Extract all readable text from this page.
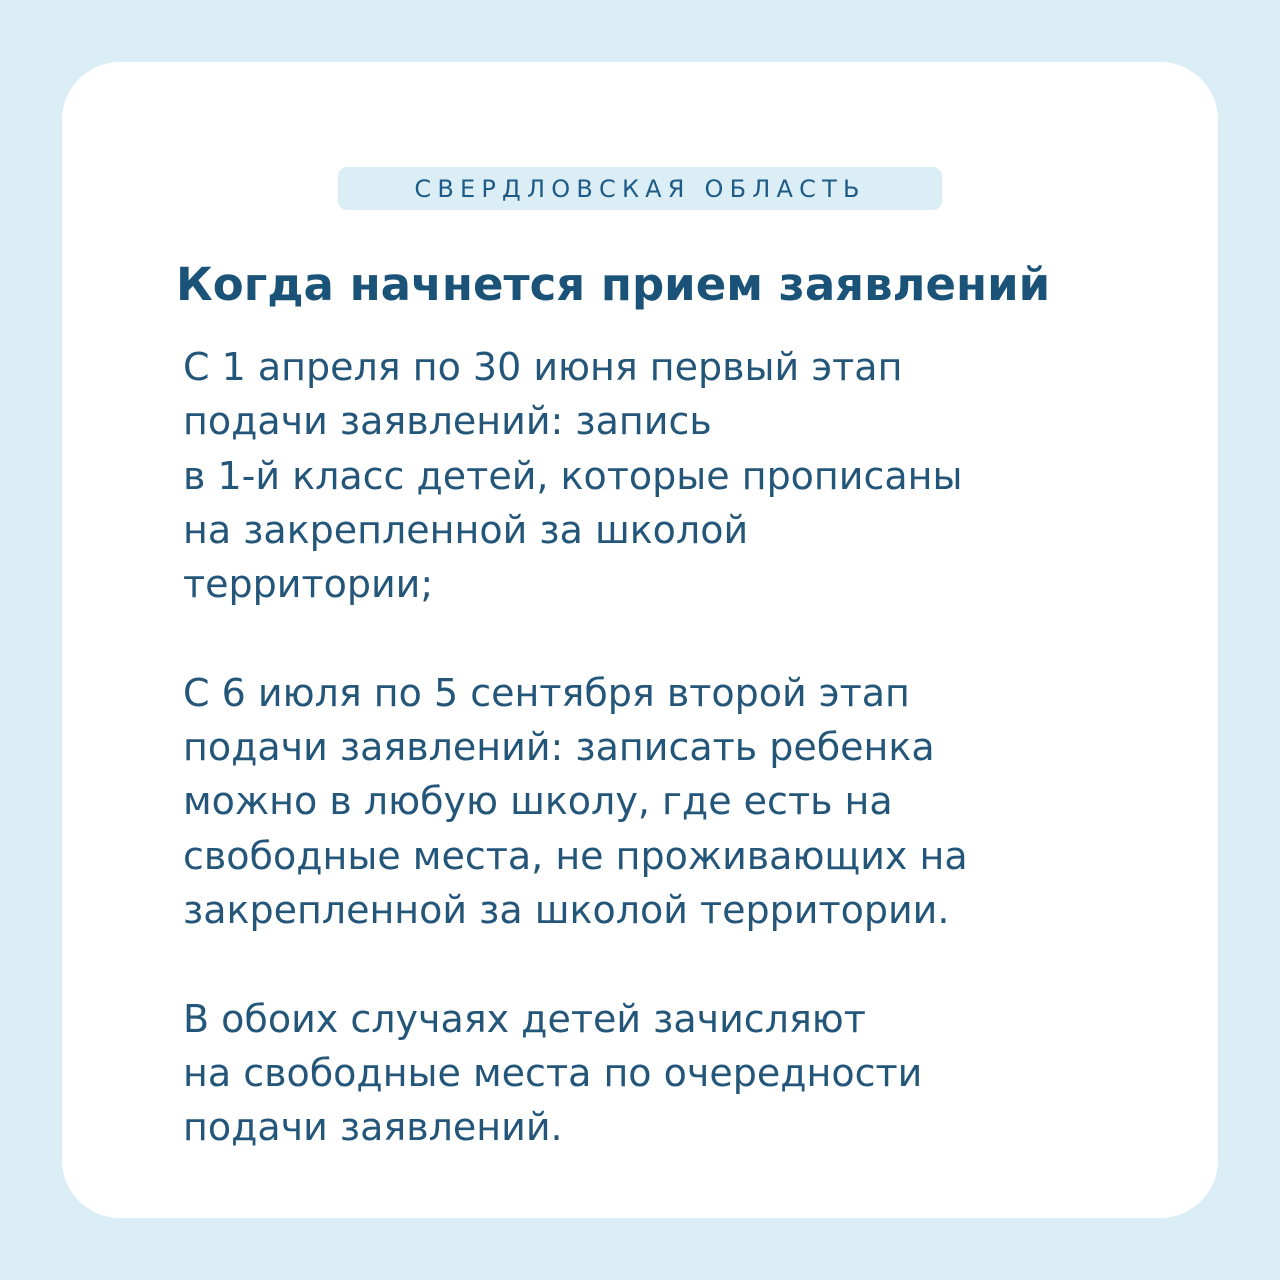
СВЕРДЛОВСКАЯ ОБЛАСТЬ
Когда начнется прием заявлений

С 1 апреля по 30 июня первый этап
подачи заявлений: запись
в 1-й класс детей, которые прописаны
на закрепленной за школой
территории;

С 6 июля по 5 сентября второй этап
подачи заявлений: записать ребенка
можно в любую школу, где есть на
свободные места, не проживающих на
закрепленной за школой территории.

В обоих случаях детей зачисляют
на свободные места по очередности
подачи заявлений.
